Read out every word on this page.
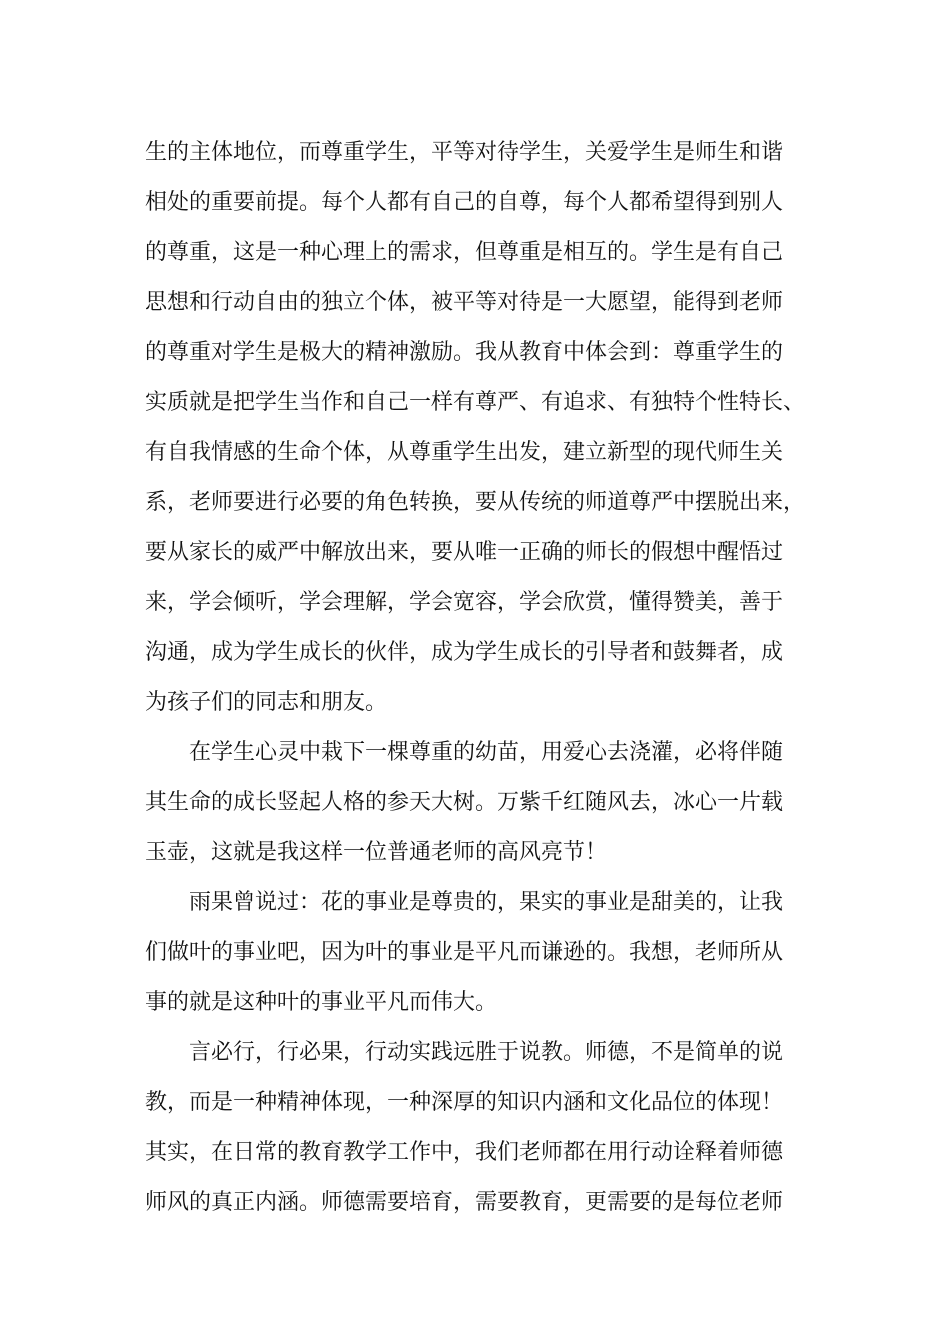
生的主体地位，而尊重学生，平等对待学生，关爱学生是师生和谐
相处的重要前提。每个人都有自己的自尊，每个人都希望得到别人
的尊重，这是一种心理上的需求，但尊重是相互的。学生是有自己
思想和行动自由的独立个体，被平等对待是一大愿望，能得到老师
的尊重对学生是极大的精神激励。我从教育中体会到：尊重学生的
实质就是把学生当作和自己一样有尊严、有追求、有独特个性特长、
有自我情感的生命个体，从尊重学生出发，建立新型的现代师生关
系，老师要进行必要的角色转换，要从传统的师道尊严中摆脱出来，
要从家长的威严中解放出来，要从唯一正确的师长的假想中醒悟过
来，学会倾听，学会理解，学会宽容，学会欣赏，懂得赞美，善于
沟通，成为学生成长的伙伴，成为学生成长的引导者和鼓舞者，成
为孩子们的同志和朋友。
在学生心灵中栽下一棵尊重的幼苗，用爱心去浇灌，必将伴随
其生命的成长竖起人格的参天大树。万紫千红随风去，冰心一片载
玉壶，这就是我这样一位普通老师的高风亮节！
雨果曾说过：花的事业是尊贵的，果实的事业是甜美的，让我
们做叶的事业吧，因为叶的事业是平凡而谦逊的。我想，老师所从
事的就是这种叶的事业平凡而伟大。
言必行，行必果，行动实践远胜于说教。师德，不是简单的说
教，而是一种精神体现，一种深厚的知识内涵和文化品位的体现！
其实，在日常的教育教学工作中，我们老师都在用行动诠释着师德
师风的真正内涵。师德需要培育，需要教育，更需要的是每位老师
